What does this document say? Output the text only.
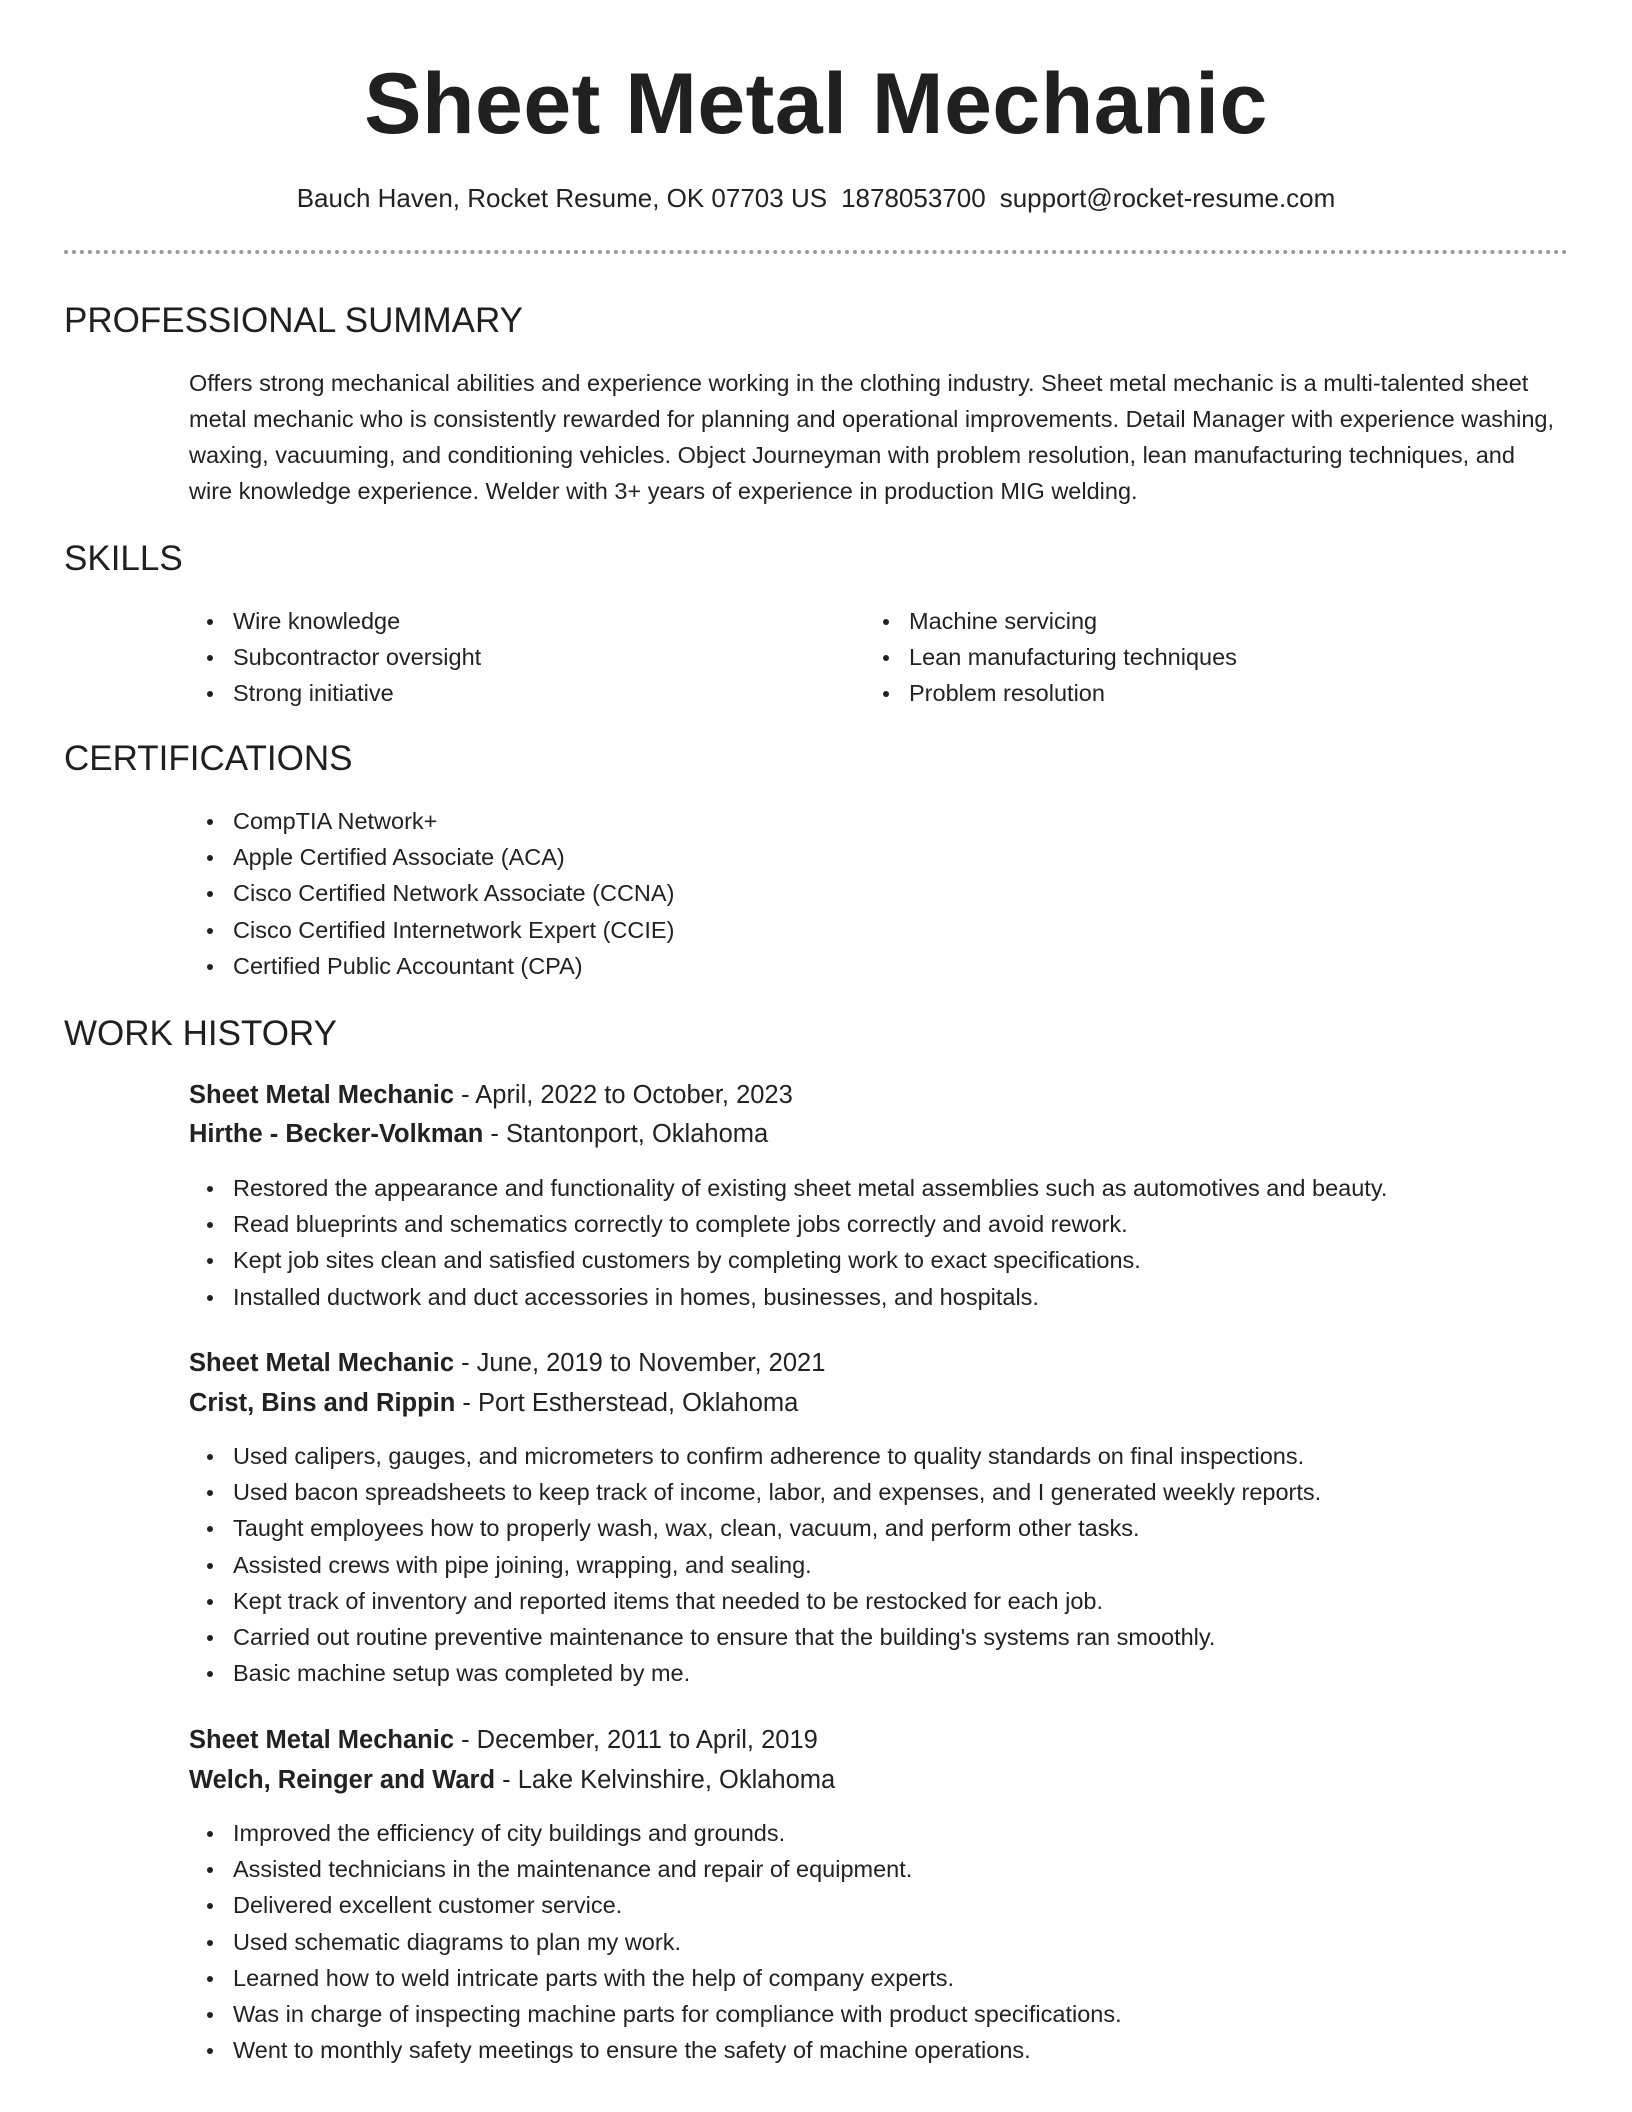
Sheet Metal Mechanic
Bauch Haven, Rocket Resume, OK 07703 US 1878053700 support@rocket-resume.com
PROFESSIONAL SUMMARY
Offers strong mechanical abilities and experience working in the clothing industry. Sheet metal mechanic is a multi-talented sheet metal mechanic who is consistently rewarded for planning and operational improvements. Detail Manager with experience washing, waxing, vacuuming, and conditioning vehicles. Object Journeyman with problem resolution, lean manufacturing techniques, and wire knowledge experience. Welder with 3+ years of experience in production MIG welding.
SKILLS
Wire knowledge
Subcontractor oversight
Strong initiative
Machine servicing
Lean manufacturing techniques
Problem resolution
CERTIFICATIONS
CompTIA Network+
Apple Certified Associate (ACA)
Cisco Certified Network Associate (CCNA)
Cisco Certified Internetwork Expert (CCIE)
Certified Public Accountant (CPA)
WORK HISTORY
Sheet Metal Mechanic - April, 2022 to October, 2023
Hirthe - Becker-Volkman - Stantonport, Oklahoma
Restored the appearance and functionality of existing sheet metal assemblies such as automotives and beauty.
Read blueprints and schematics correctly to complete jobs correctly and avoid rework.
Kept job sites clean and satisfied customers by completing work to exact specifications.
Installed ductwork and duct accessories in homes, businesses, and hospitals.
Sheet Metal Mechanic - June, 2019 to November, 2021
Crist, Bins and Rippin - Port Estherstead, Oklahoma
Used calipers, gauges, and micrometers to confirm adherence to quality standards on final inspections.
Used bacon spreadsheets to keep track of income, labor, and expenses, and I generated weekly reports.
Taught employees how to properly wash, wax, clean, vacuum, and perform other tasks.
Assisted crews with pipe joining, wrapping, and sealing.
Kept track of inventory and reported items that needed to be restocked for each job.
Carried out routine preventive maintenance to ensure that the building's systems ran smoothly.
Basic machine setup was completed by me.
Sheet Metal Mechanic - December, 2011 to April, 2019
Welch, Reinger and Ward - Lake Kelvinshire, Oklahoma
Improved the efficiency of city buildings and grounds.
Assisted technicians in the maintenance and repair of equipment.
Delivered excellent customer service.
Used schematic diagrams to plan my work.
Learned how to weld intricate parts with the help of company experts.
Was in charge of inspecting machine parts for compliance with product specifications.
Went to monthly safety meetings to ensure the safety of machine operations.
